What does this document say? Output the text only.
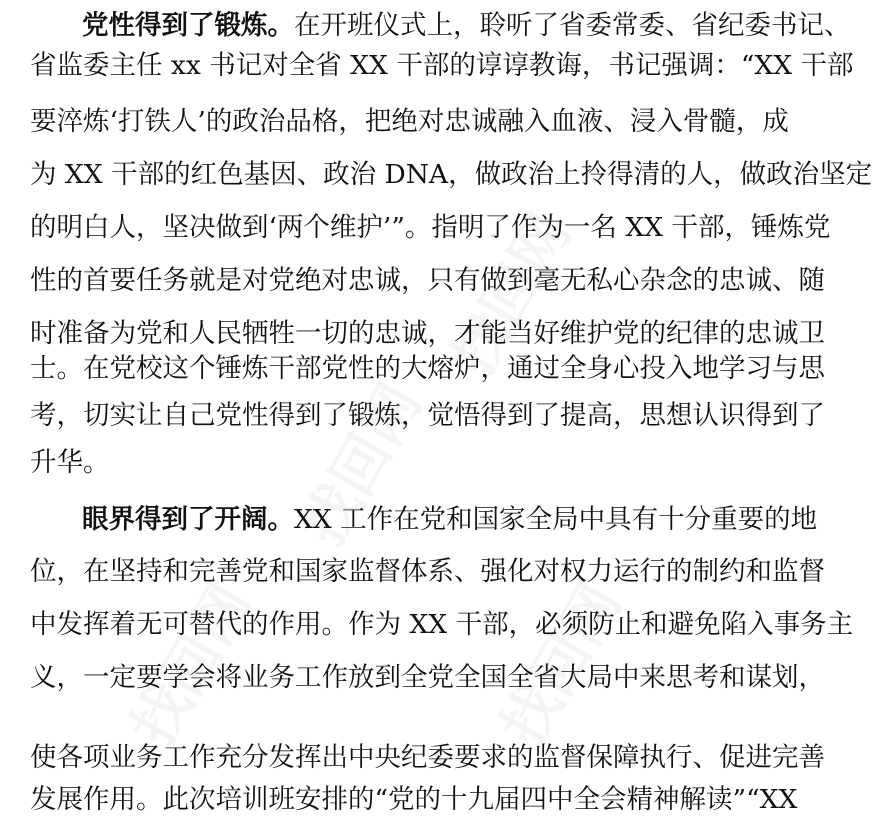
找回网
找回网
找回网	找回网
党性得到了锻炼。在开班仪式上，聆听了省委常委、省纪委书记、
省监委主任 xx 书记对全省 XX 干部的谆谆教诲，书记强调：“XX 干部
要淬炼‘打铁人’的政治品格，把绝对忠诚融入血液、浸入骨髓，成
为 XX 干部的红色基因、政治 DNA，做政治上拎得清的人，做政治坚定
的明白人，坚决做到‘两个维护’”。指明了作为一名 XX 干部，锤炼党
性的首要任务就是对党绝对忠诚，只有做到毫无私心杂念的忠诚、随
时准备为党和人民牺牲一切的忠诚，才能当好维护党的纪律的忠诚卫
士。在党校这个锤炼干部党性的大熔炉，通过全身心投入地学习与思
考，切实让自己党性得到了锻炼，觉悟得到了提高，思想认识得到了
升华。
眼界得到了开阔。XX 工作在党和国家全局中具有十分重要的地
位，在坚持和完善党和国家监督体系、强化对权力运行的制约和监督
中发挥着无可替代的作用。作为 XX 干部，必须防止和避免陷入事务主
义，一定要学会将业务工作放到全党全国全省大局中来思考和谋划，
使各项业务工作充分发挥出中央纪委要求的监督保障执行、促进完善
发展作用。此次培训班安排的“党的十九届四中全会精神解读”“XX
